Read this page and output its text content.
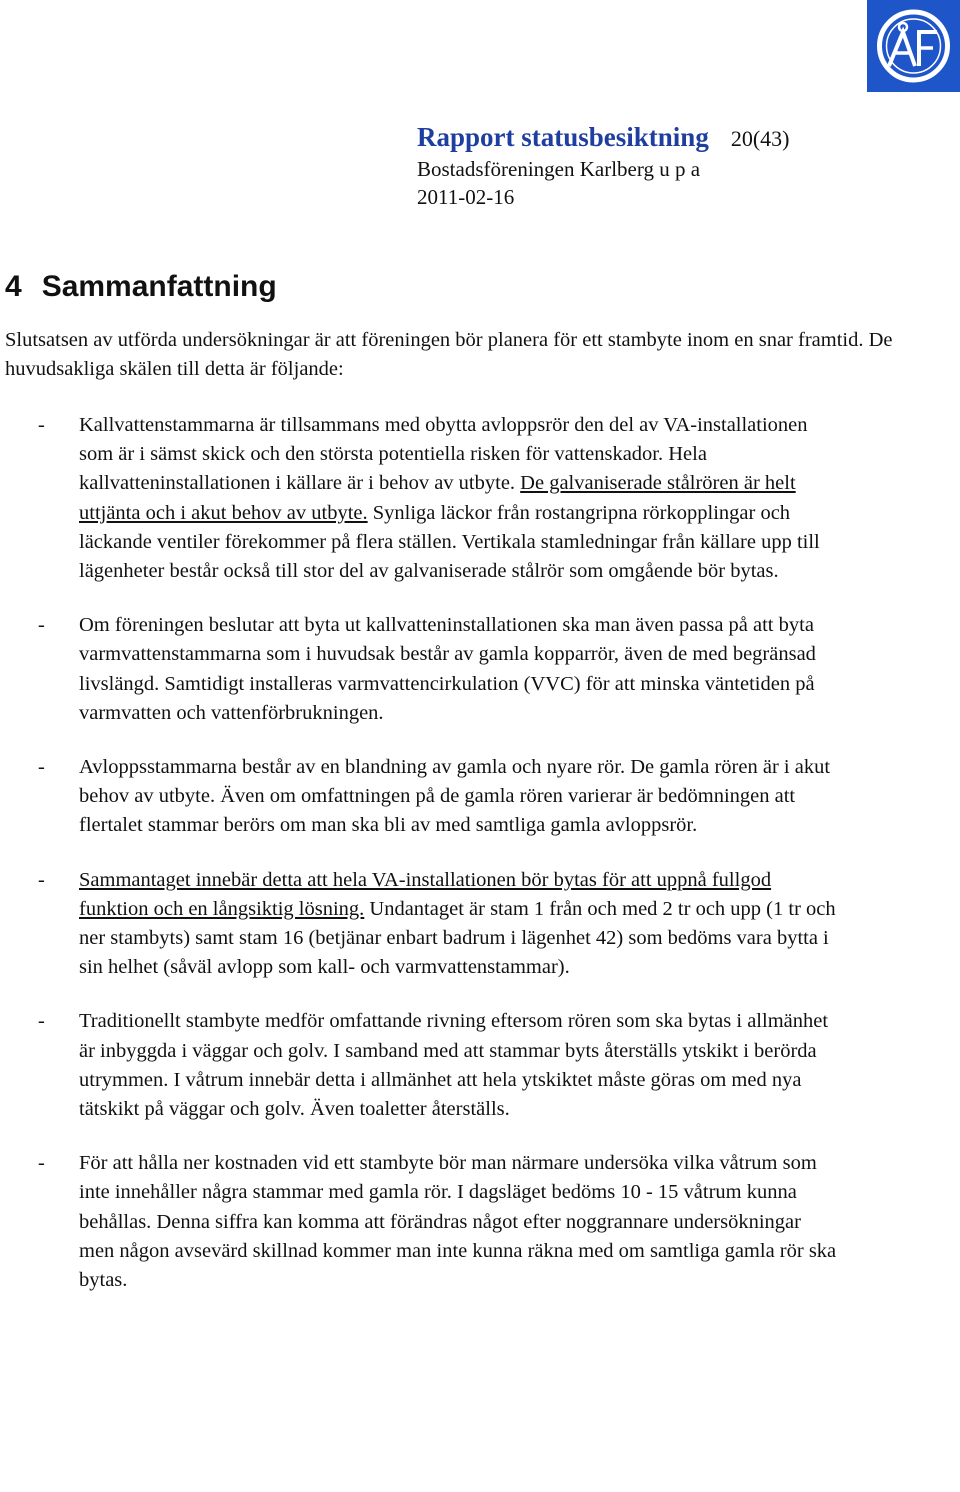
Rapport statusbesiktning 20(43)
Bostadsföreningen Karlberg u p a
2011-02-16
4 Sammanfattning

Slutsatsen av utförda undersökningar är att föreningen bör planera för ett stambyte inom en snar framtid. De huvudsakliga skälen till detta är följande:

- Kallvattenstammarna är tillsammans med obytta avloppsrör den del av VA-installationen som är i sämst skick och den största potentiella risken för vattenskador. Hela kallvatteninstallationen i källare är i behov av utbyte. De galvaniserade stålrören är helt uttjänta och i akut behov av utbyte. Synliga läckor från rostangripna rörkopplingar och läckande ventiler förekommer på flera ställen. Vertikala stamledningar från källare upp till lägenheter består också till stor del av galvaniserade stålrör som omgående bör bytas.
- Om föreningen beslutar att byta ut kallvatteninstallationen ska man även passa på att byta varmvattenstammarna som i huvudsak består av gamla kopparrör, även de med begränsad livslängd. Samtidigt installeras varmvattencirkulation (VVC) för att minska väntetiden på varmvatten och vattenförbrukningen.
- Avloppsstammarna består av en blandning av gamla och nyare rör. De gamla rören är i akut behov av utbyte. Även om omfattningen på de gamla rören varierar är bedömningen att flertalet stammar berörs om man ska bli av med samtliga gamla avloppsrör.
- Sammantaget innebär detta att hela VA-installationen bör bytas för att uppnå fullgod funktion och en långsiktig lösning. Undantaget är stam 1 från och med 2 tr och upp (1 tr och ner stambyts) samt stam 16 (betjänar enbart badrum i lägenhet 42) som bedöms vara bytta i sin helhet (såväl avlopp som kall- och varmvattenstammar).
- Traditionellt stambyte medför omfattande rivning eftersom rören som ska bytas i allmänhet är inbyggda i väggar och golv. I samband med att stammar byts återställs ytskikt i berörda utrymmen. I våtrum innebär detta i allmänhet att hela ytskiktet måste göras om med nya tätskikt på väggar och golv. Även toaletter återställs.
- För att hålla ner kostnaden vid ett stambyte bör man närmare undersöka vilka våtrum som inte innehåller några stammar med gamla rör. I dagsläget bedöms 10 - 15 våtrum kunna behållas. Denna siffra kan komma att förändras något efter noggrannare undersökningar men någon avsevärd skillnad kommer man inte kunna räkna med om samtliga gamla rör ska bytas.
